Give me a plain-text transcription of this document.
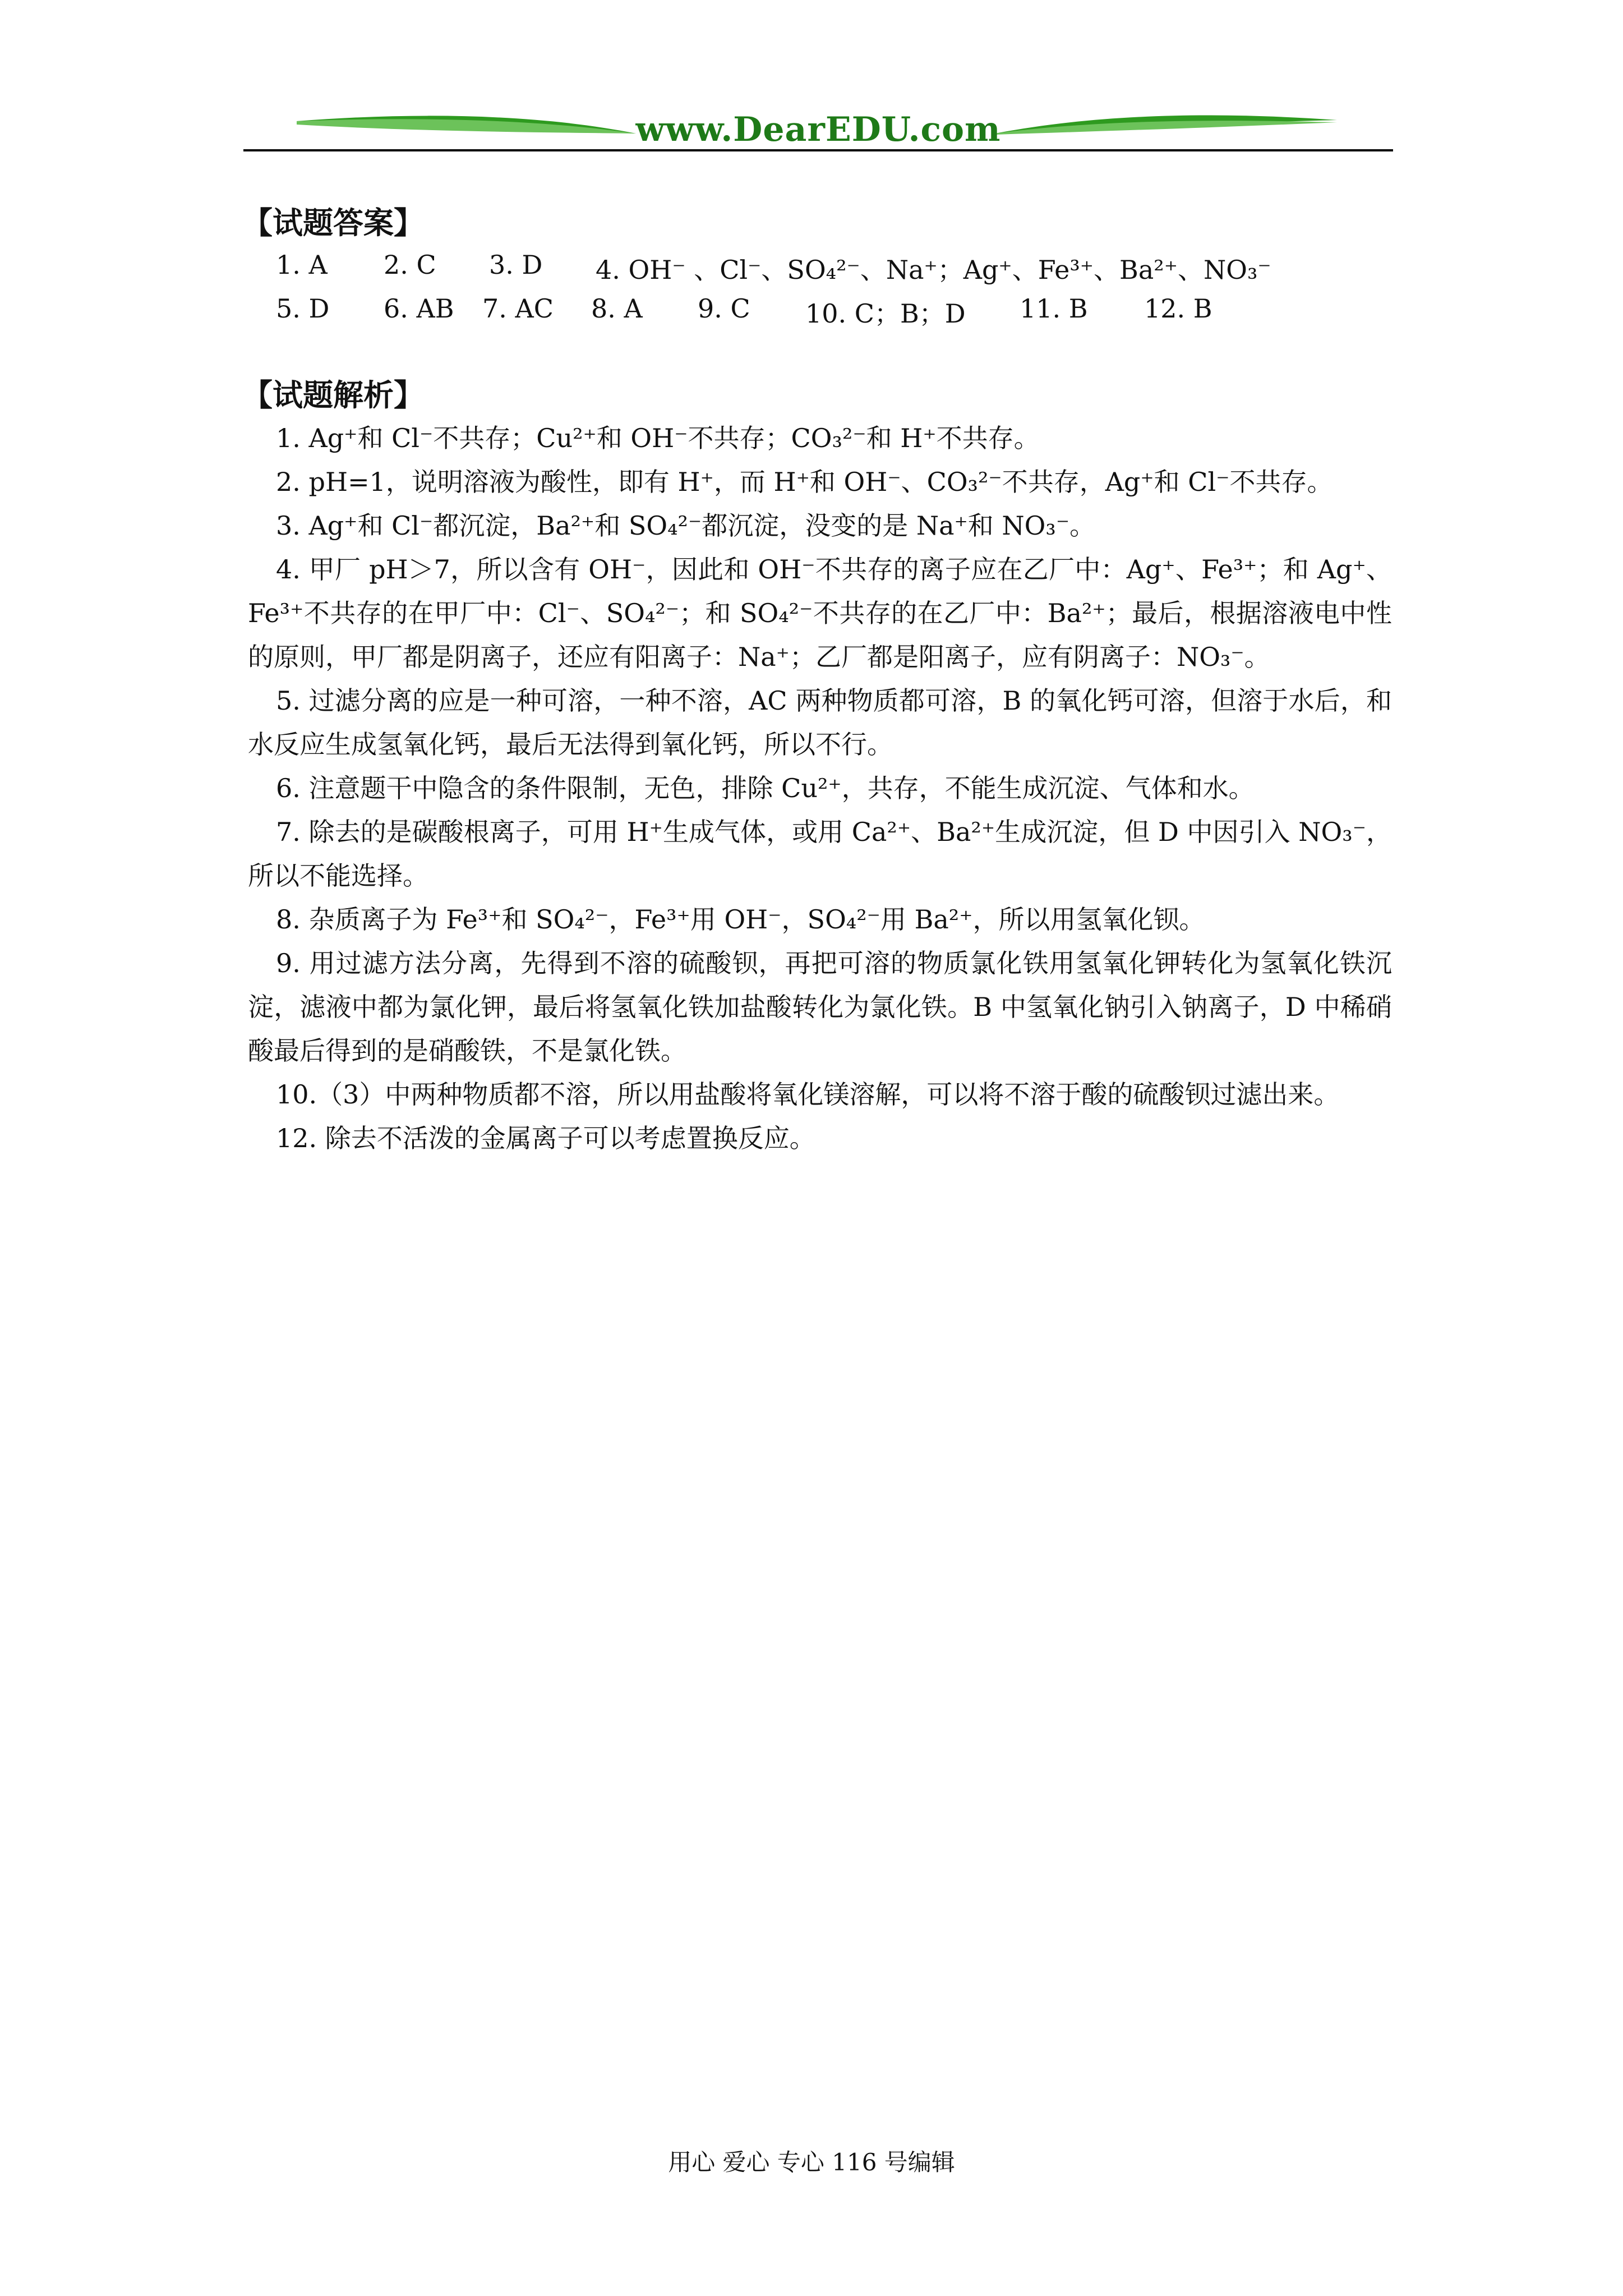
www.DearEDU.com
【试题答案】
1. A 2. C 3. D 4. OH⁻ 、Cl⁻、SO₄²⁻、Na⁺；Ag⁺、Fe³⁺、Ba²⁺、NO₃⁻
5. D 6. AB 7. AC 8. A 9. C 10. C；B；D 11. B 12. B
【试题解析】

1. Ag⁺和 Cl⁻不共存；Cu²⁺和 OH⁻不共存；CO₃²⁻和 H⁺不共存。

2. pH=1，说明溶液为酸性，即有 H⁺，而 H⁺和 OH⁻、CO₃²⁻不共存，Ag⁺和 Cl⁻不共存。

3. Ag⁺和 Cl⁻都沉淀，Ba²⁺和 SO₄²⁻都沉淀，没变的是 Na⁺和 NO₃⁻。

4. 甲厂 pH＞7，所以含有 OH⁻，因此和 OH⁻不共存的离子应在乙厂中：Ag⁺、Fe³⁺；和 Ag⁺、Fe³⁺不共存的在甲厂中：Cl⁻、SO₄²⁻；和 SO₄²⁻不共存的在乙厂中：Ba²⁺；最后，根据溶液电中性的原则，甲厂都是阴离子，还应有阳离子：Na⁺；乙厂都是阳离子，应有阴离子：NO₃⁻。

5. 过滤分离的应是一种可溶，一种不溶，AC 两种物质都可溶，B 的氧化钙可溶，但溶于水后，和水反应生成氢氧化钙，最后无法得到氧化钙，所以不行。

6. 注意题干中隐含的条件限制，无色，排除 Cu²⁺，共存，不能生成沉淀、气体和水。

7. 除去的是碳酸根离子，可用 H⁺生成气体，或用 Ca²⁺、Ba²⁺生成沉淀，但 D 中因引入 NO₃⁻，所以不能选择。

8. 杂质离子为 Fe³⁺和 SO₄²⁻，Fe³⁺用 OH⁻，SO₄²⁻用 Ba²⁺，所以用氢氧化钡。

9. 用过滤方法分离，先得到不溶的硫酸钡，再把可溶的物质氯化铁用氢氧化钾转化为氢氧化铁沉淀，滤液中都为氯化钾，最后将氢氧化铁加盐酸转化为氯化铁。B 中氢氧化钠引入钠离子，D 中稀硝酸最后得到的是硝酸铁，不是氯化铁。

10.（3）中两种物质都不溶，所以用盐酸将氧化镁溶解，可以将不溶于酸的硫酸钡过滤出来。

12. 除去不活泼的金属离子可以考虑置换反应。

用心 爱心 专心 116 号编辑
